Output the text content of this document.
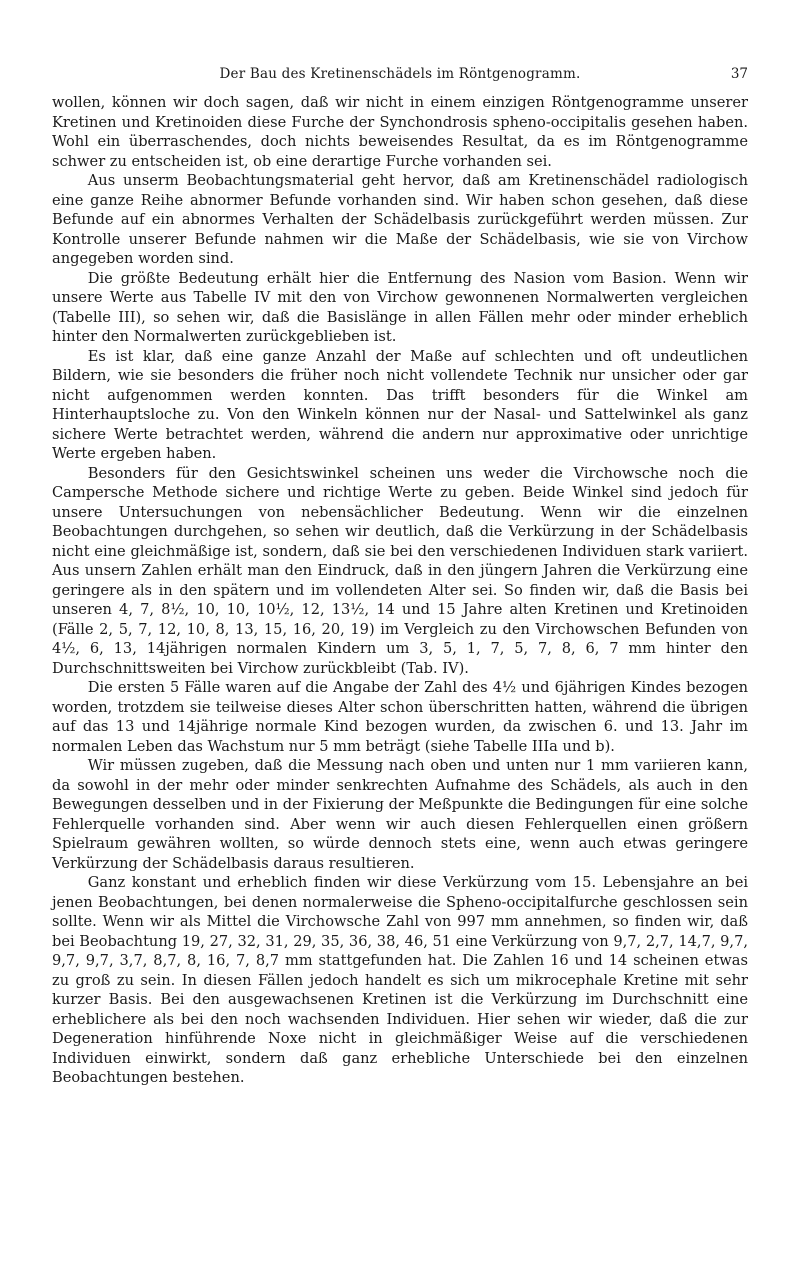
Der Bau des Kretinenschädels im Röntgenogramm.	37

wollen, können wir doch sagen, daß wir nicht in einem einzigen Röntgenogramme unserer Kretinen und Kretinoiden diese Furche der Synchondrosis spheno-occipitalis gesehen haben. Wohl ein überraschendes, doch nichts beweisendes Resultat, da es im Röntgenogramme schwer zu entscheiden ist, ob eine derartige Furche vorhanden sei.

Aus unserm Beobachtungsmaterial geht hervor, daß am Kretinenschädel radiologisch eine ganze Reihe abnormer Befunde vorhanden sind. Wir haben schon gesehen, daß diese Befunde auf ein abnormes Verhalten der Schädelbasis zurückgeführt werden müssen. Zur Kontrolle unserer Befunde nahmen wir die Maße der Schädelbasis, wie sie von Virchow angegeben worden sind.

Die größte Bedeutung erhält hier die Entfernung des Nasion vom Basion. Wenn wir unsere Werte aus Tabelle IV mit den von Virchow gewonnenen Normalwerten vergleichen (Tabelle III), so sehen wir, daß die Basislänge in allen Fällen mehr oder minder erheblich hinter den Normalwerten zurückgeblieben ist.

Es ist klar, daß eine ganze Anzahl der Maße auf schlechten und oft undeutlichen Bildern, wie sie besonders die früher noch nicht vollendete Technik nur unsicher oder gar nicht aufgenommen werden konnten. Das trifft besonders für die Winkel am Hinterhauptsloche zu. Von den Winkeln können nur der Nasal- und Sattelwinkel als ganz sichere Werte betrachtet werden, während die andern nur approximative oder unrichtige Werte ergeben haben.

Besonders für den Gesichtswinkel scheinen uns weder die Virchowsche noch die Campersche Methode sichere und richtige Werte zu geben. Beide Winkel sind jedoch für unsere Untersuchungen von nebensächlicher Bedeutung. Wenn wir die einzelnen Beobachtungen durchgehen, so sehen wir deutlich, daß die Verkürzung in der Schädelbasis nicht eine gleichmäßige ist, sondern, daß sie bei den verschiedenen Individuen stark variiert. Aus unsern Zahlen erhält man den Eindruck, daß in den jüngern Jahren die Verkürzung eine geringere als in den spätern und im vollendeten Alter sei. So finden wir, daß die Basis bei unseren 4, 7, 8½, 10, 10, 10½, 12, 13½, 14 und 15 Jahre alten Kretinen und Kretinoiden (Fälle 2, 5, 7, 12, 10, 8, 13, 15, 16, 20, 19) im Vergleich zu den Virchowschen Befunden von 4½, 6, 13, 14jährigen normalen Kindern um 3, 5, 1, 7, 5, 7, 8, 6, 7 mm hinter den Durchschnittsweiten bei Virchow zurückbleibt (Tab. IV).

Die ersten 5 Fälle waren auf die Angabe der Zahl des 4½ und 6jährigen Kindes bezogen worden, trotzdem sie teilweise dieses Alter schon überschritten hatten, während die übrigen auf das 13 und 14jährige normale Kind bezogen wurden, da zwischen 6. und 13. Jahr im normalen Leben das Wachstum nur 5 mm beträgt (siehe Tabelle IIIa und b).

Wir müssen zugeben, daß die Messung nach oben und unten nur 1 mm variieren kann, da sowohl in der mehr oder minder senkrechten Aufnahme des Schädels, als auch in den Bewegungen desselben und in der Fixierung der Meßpunkte die Bedingungen für eine solche Fehlerquelle vorhanden sind. Aber wenn wir auch diesen Fehlerquellen einen größern Spielraum gewähren wollten, so würde dennoch stets eine, wenn auch etwas geringere Verkürzung der Schädelbasis daraus resultieren.

Ganz konstant und erheblich finden wir diese Verkürzung vom 15. Lebensjahre an bei jenen Beobachtungen, bei denen normalerweise die Spheno-occipitalfurche geschlossen sein sollte. Wenn wir als Mittel die Virchowsche Zahl von 997 mm annehmen, so finden wir, daß bei Beobachtung 19, 27, 32, 31, 29, 35, 36, 38, 46, 51 eine Verkürzung von 9,7, 2,7, 14,7, 9,7, 9,7, 9,7, 3,7, 8,7, 8, 16, 7, 8,7 mm stattgefunden hat. Die Zahlen 16 und 14 scheinen etwas zu groß zu sein. In diesen Fällen jedoch handelt es sich um mikrocephale Kretine mit sehr kurzer Basis. Bei den ausgewachsenen Kretinen ist die Verkürzung im Durchschnitt eine erheblichere als bei den noch wachsenden Individuen. Hier sehen wir wieder, daß die zur Degeneration hinführende Noxe nicht in gleichmäßiger Weise auf die verschiedenen Individuen einwirkt, sondern daß ganz erhebliche Unterschiede bei den einzelnen Beobachtungen bestehen.
